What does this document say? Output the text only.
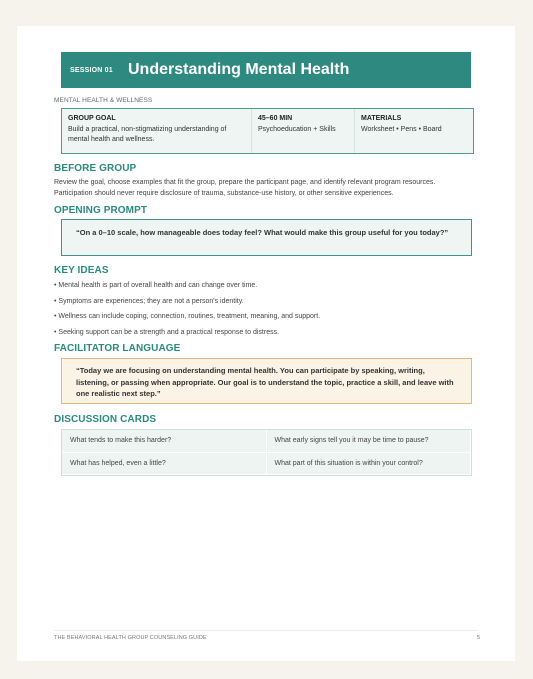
SESSION 01 Understanding Mental Health
MENTAL HEALTH & WELLNESS
GROUP GOAL
Build a practical, non-stigmatizing understanding of mental health and wellness.
45–60 MIN
Psychoeducation + Skills
MATERIALS
Worksheet • Pens • Board
BEFORE GROUP
Review the goal, choose examples that fit the group, prepare the participant page, and identify relevant program resources. Participation should never require disclosure of trauma, substance-use history, or other sensitive experiences.
OPENING PROMPT
“On a 0–10 scale, how manageable does today feel? What would make this group useful for you today?”
KEY IDEAS
• Mental health is part of overall health and can change over time.
• Symptoms are experiences; they are not a person's identity.
• Wellness can include coping, connection, routines, treatment, meaning, and support.
• Seeking support can be a strength and a practical response to distress.
FACILITATOR LANGUAGE
“Today we are focusing on understanding mental health. You can participate by speaking, writing, listening, or passing when appropriate. Our goal is to understand the topic, practice a skill, and leave with one realistic next step.”
DISCUSSION CARDS
What tends to make this harder?	What early signs tell you it may be time to pause?
What has helped, even a little?	What part of this situation is within your control?
THE BEHAVIORAL HEALTH GROUP COUNSELING GUIDE	5
